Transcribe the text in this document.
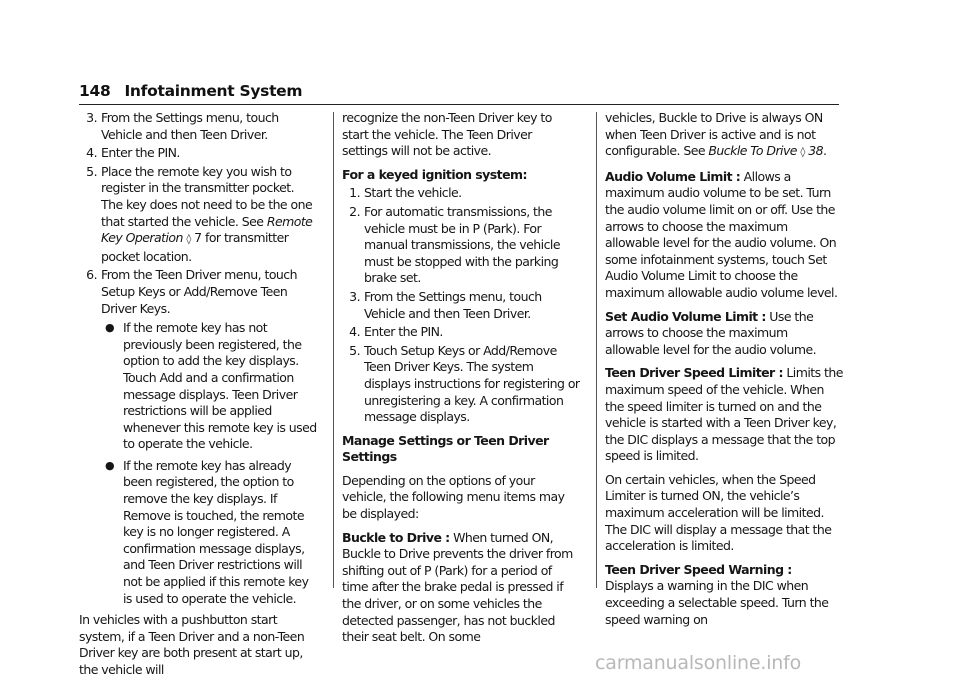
148 Infotainment System
3. From the Settings menu, touch Vehicle and then Teen Driver.
4. Enter the PIN.
5. Place the remote key you wish to register in the transmitter pocket. The key does not need to be the one that started the vehicle. See Remote Key Operation ◊ 7 for transmitter pocket location.
6. From the Teen Driver menu, touch Setup Keys or Add/Remove Teen Driver Keys.
● If the remote key has not previously been registered, the option to add the key displays. Touch Add and a confirmation message displays. Teen Driver restrictions will be applied whenever this remote key is used to operate the vehicle.
● If the remote key has already been registered, the option to remove the key displays. If Remove is touched, the remote key is no longer registered. A confirmation message displays, and Teen Driver restrictions will not be applied if this remote key is used to operate the vehicle.
In vehicles with a pushbutton start system, if a Teen Driver and a non-Teen Driver key are both present at start up, the vehicle will
recognize the non-Teen Driver key to start the vehicle. The Teen Driver settings will not be active.
For a keyed ignition system:
1. Start the vehicle.
2. For automatic transmissions, the vehicle must be in P (Park). For manual transmissions, the vehicle must be stopped with the parking brake set.
3. From the Settings menu, touch Vehicle and then Teen Driver.
4. Enter the PIN.
5. Touch Setup Keys or Add/Remove Teen Driver Keys. The system displays instructions for registering or unregistering a key. A confirmation message displays.
Manage Settings or Teen Driver Settings
Depending on the options of your vehicle, the following menu items may be displayed:
Buckle to Drive : When turned ON, Buckle to Drive prevents the driver from shifting out of P (Park) for a period of time after the brake pedal is pressed if the driver, or on some vehicles the detected passenger, has not buckled their seat belt. On some
vehicles, Buckle to Drive is always ON when Teen Driver is active and is not configurable. See Buckle To Drive ◊ 38.
Audio Volume Limit : Allows a maximum audio volume to be set. Turn the audio volume limit on or off. Use the arrows to choose the maximum allowable level for the audio volume. On some infotainment systems, touch Set Audio Volume Limit to choose the maximum allowable audio volume level.
Set Audio Volume Limit : Use the arrows to choose the maximum allowable level for the audio volume.
Teen Driver Speed Limiter : Limits the maximum speed of the vehicle. When the speed limiter is turned on and the vehicle is started with a Teen Driver key, the DIC displays a message that the top speed is limited.
On certain vehicles, when the Speed Limiter is turned ON, the vehicle’s maximum acceleration will be limited. The DIC will display a message that the acceleration is limited.
Teen Driver Speed Warning : Displays a warning in the DIC when exceeding a selectable speed. Turn the speed warning on
carmanualsonline.info
